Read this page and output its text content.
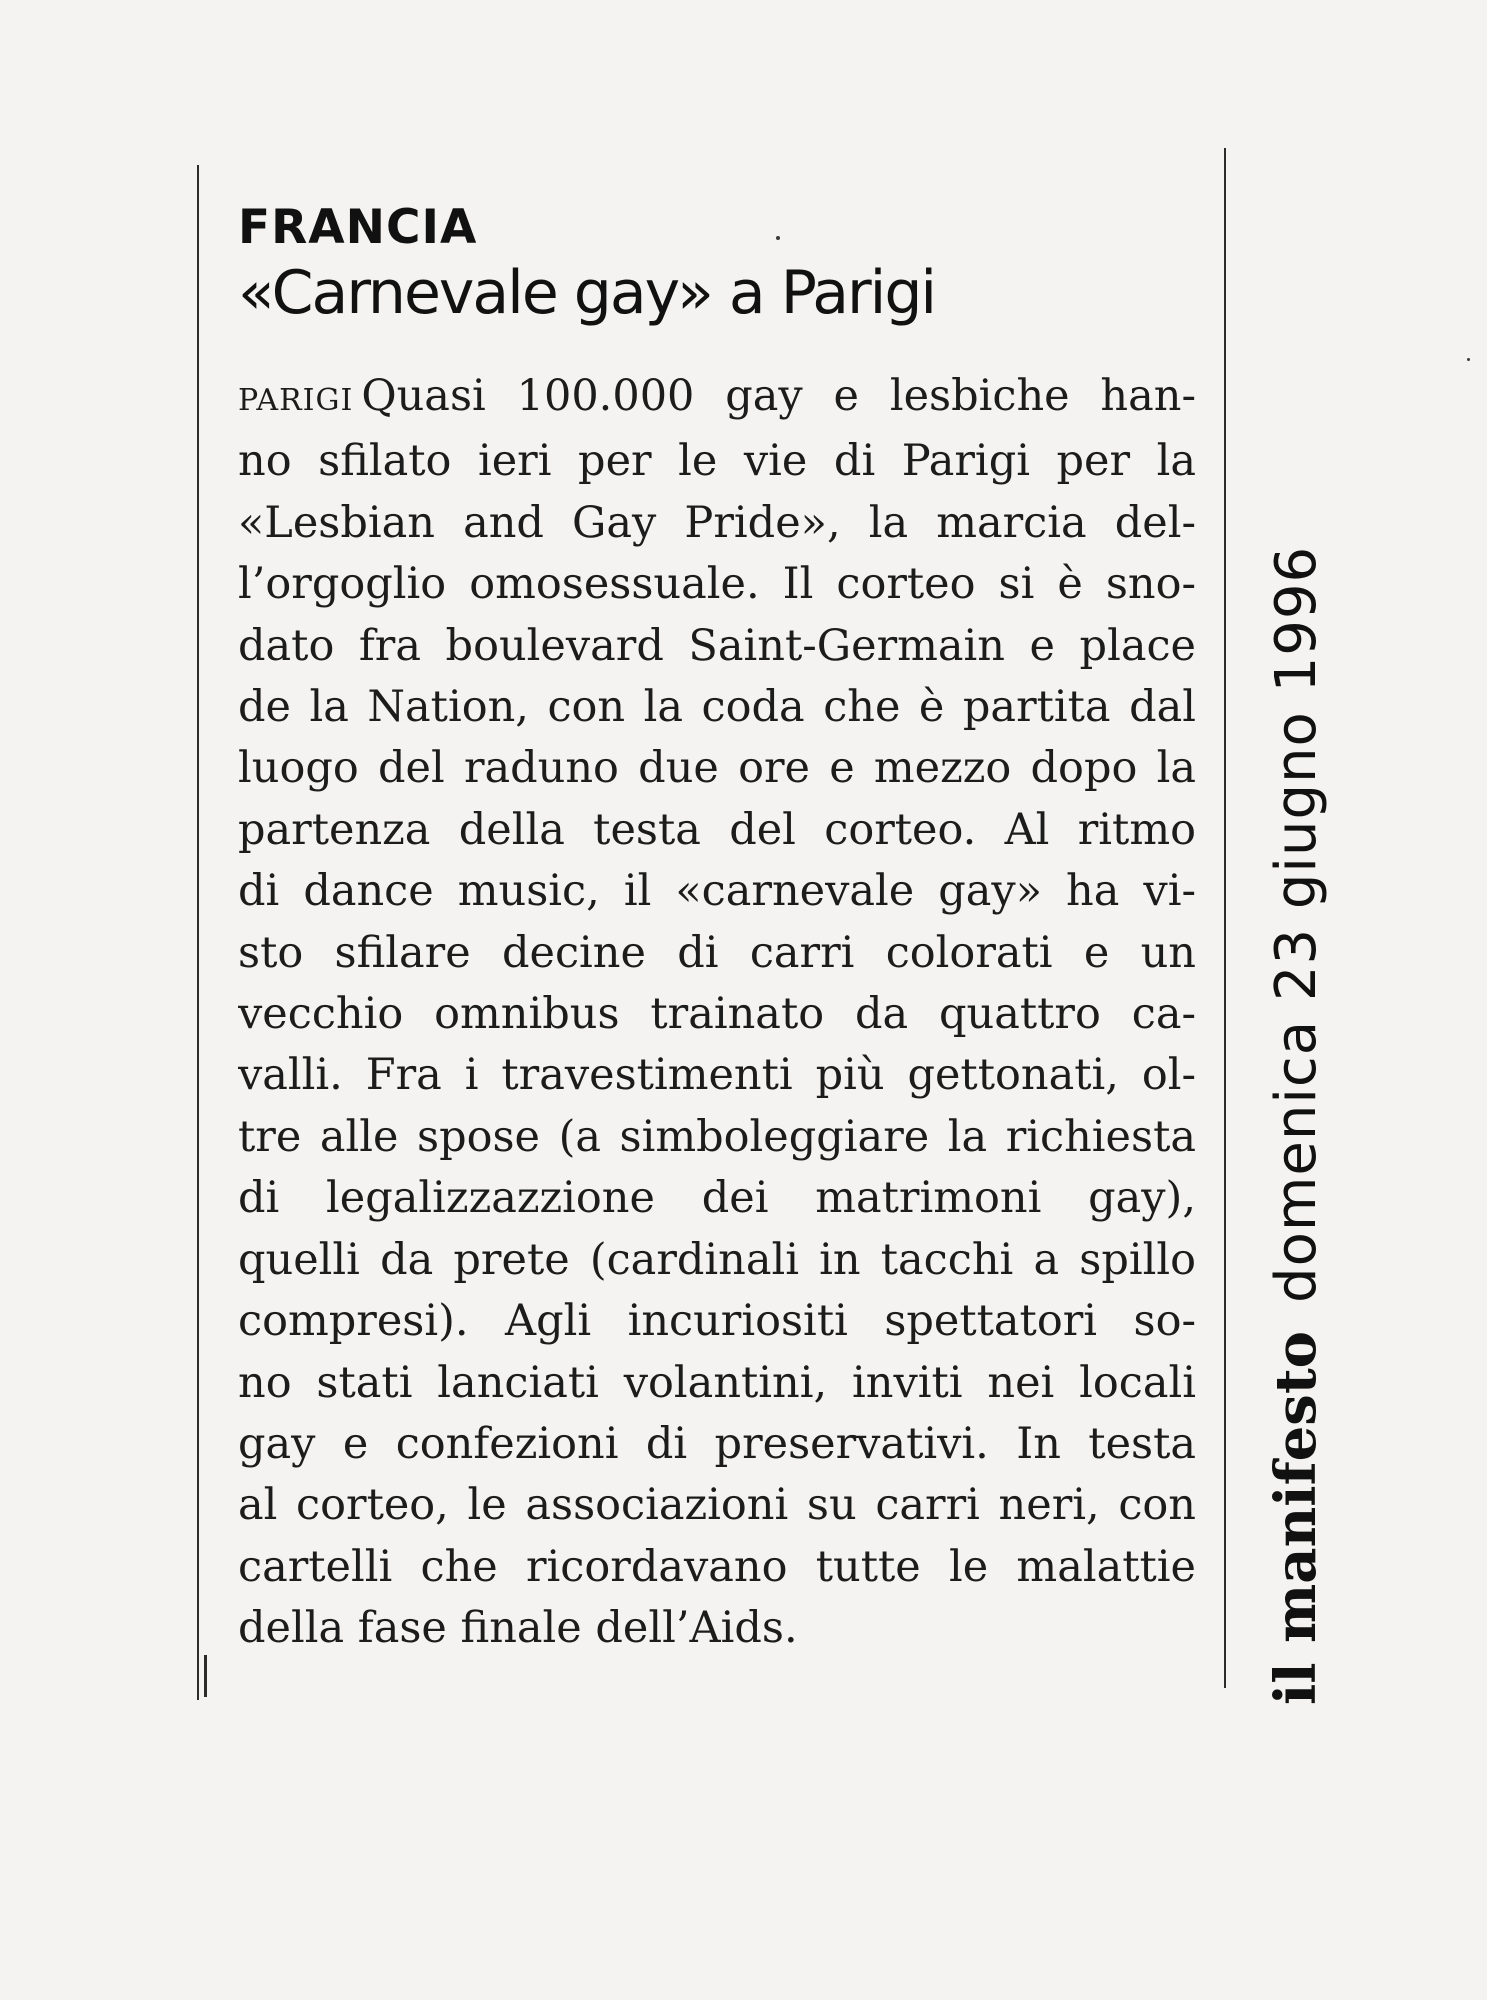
FRANCIA
«Carnevale gay» a Parigi
PARIGI Quasi 100.000 gay e lesbiche han-
no sfilato ieri per le vie di Parigi per la
«Lesbian and Gay Pride», la marcia del-
l’orgoglio omosessuale. Il corteo si è sno-
dato fra boulevard Saint-Germain e place
de la Nation, con la coda che è partita dal
luogo del raduno due ore e mezzo dopo la
partenza della testa del corteo. Al ritmo
di dance music, il «carnevale gay» ha vi-
sto sfilare decine di carri colorati e un
vecchio omnibus trainato da quattro ca-
valli. Fra i travestimenti più gettonati, ol-
tre alle spose (a simboleggiare la richiesta
di legalizzazzione dei matrimoni gay),
quelli da prete (cardinali in tacchi a spillo
compresi). Agli incuriositi spettatori so-
no stati lanciati volantini, inviti nei locali
gay e confezioni di preservativi. In testa
al corteo, le associazioni su carri neri, con
cartelli che ricordavano tutte le malattie
della fase finale dell’Aids.	il manifestodomenica 23 giugno 1996
